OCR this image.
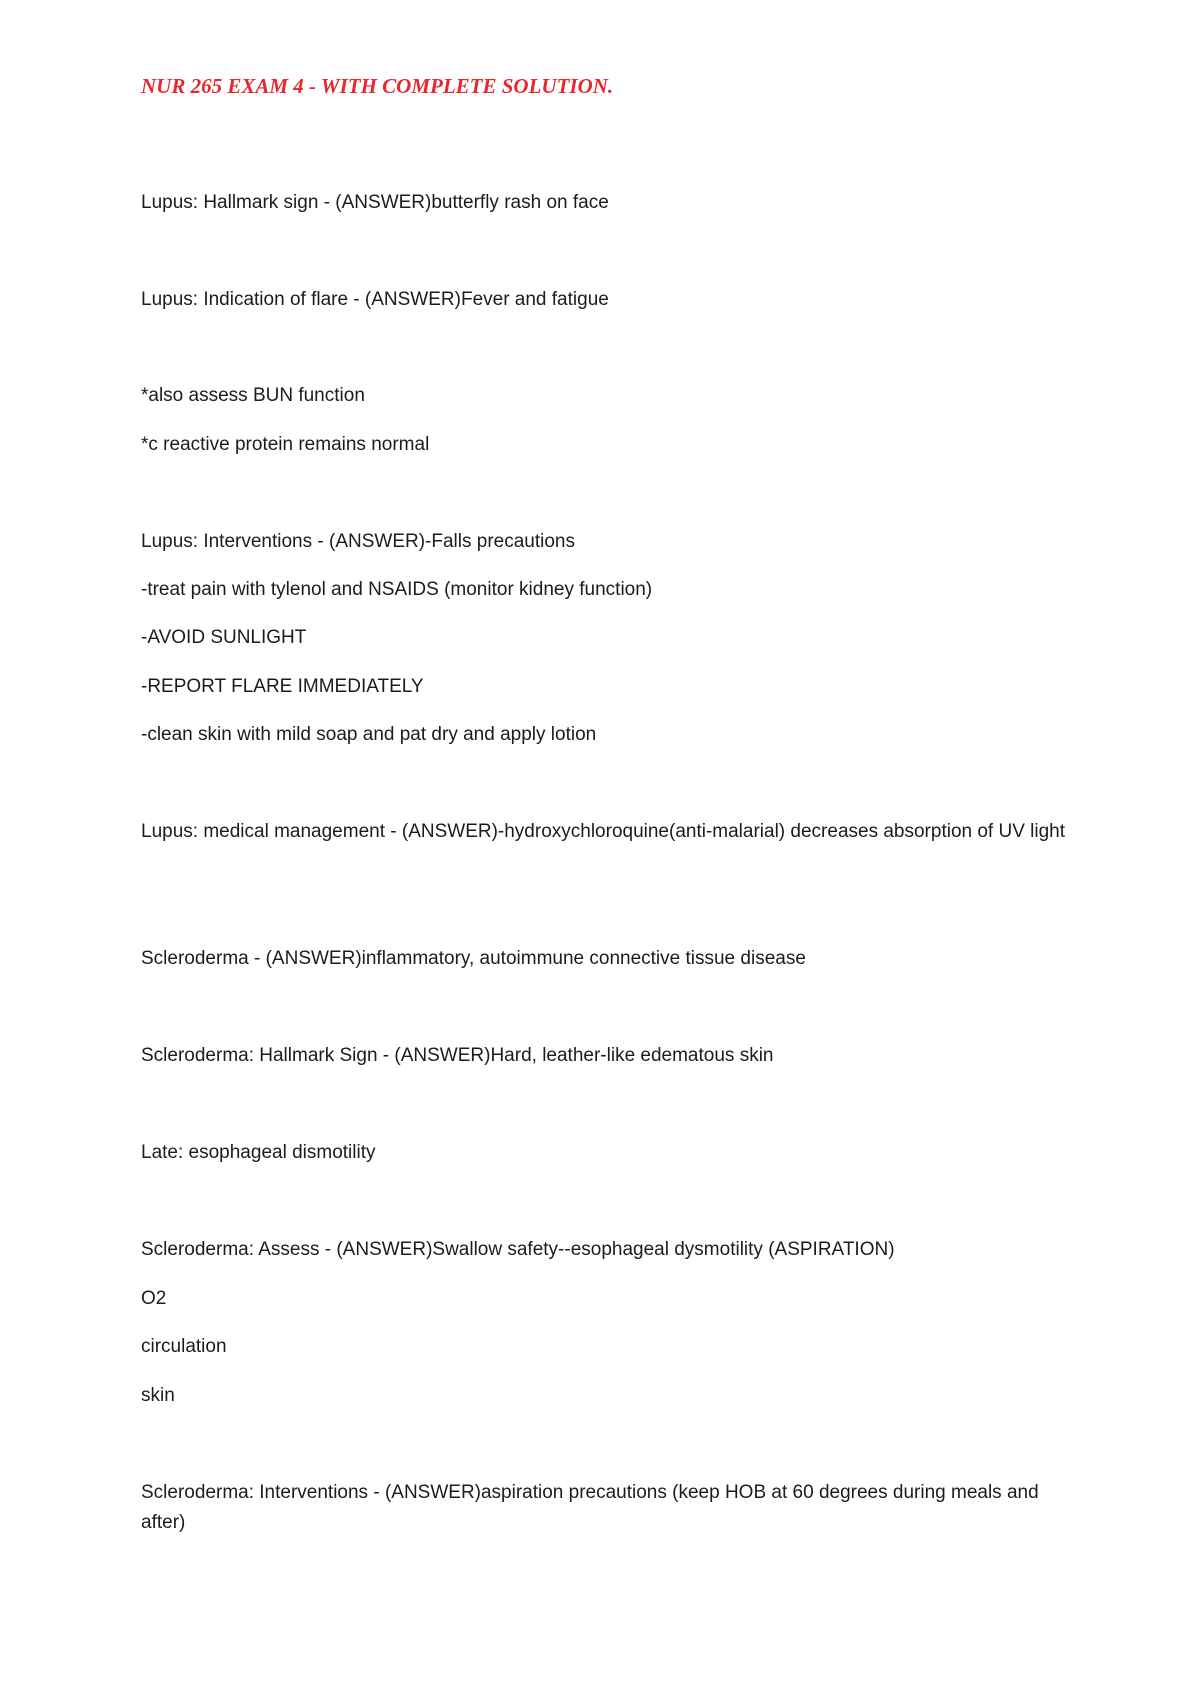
NUR 265 EXAM 4 - WITH COMPLETE SOLUTION.
Lupus: Hallmark sign - (ANSWER)butterfly rash on face
Lupus: Indication of flare - (ANSWER)Fever and fatigue
*also assess BUN function
*c reactive protein remains normal
Lupus: Interventions - (ANSWER)-Falls precautions
-treat pain with tylenol and NSAIDS (monitor kidney function)
-AVOID SUNLIGHT
-REPORT FLARE IMMEDIATELY
-clean skin with mild soap and pat dry and apply lotion
Lupus: medical management - (ANSWER)-hydroxychloroquine(anti-malarial) decreases absorption of UV light
Scleroderma - (ANSWER)inflammatory, autoimmune connective tissue disease
Scleroderma: Hallmark Sign - (ANSWER)Hard, leather-like edematous skin
Late: esophageal dismotility
Scleroderma: Assess - (ANSWER)Swallow safety--esophageal dysmotility (ASPIRATION)
O2
circulation
skin
Scleroderma: Interventions - (ANSWER)aspiration precautions (keep HOB at 60 degrees during meals and after)
